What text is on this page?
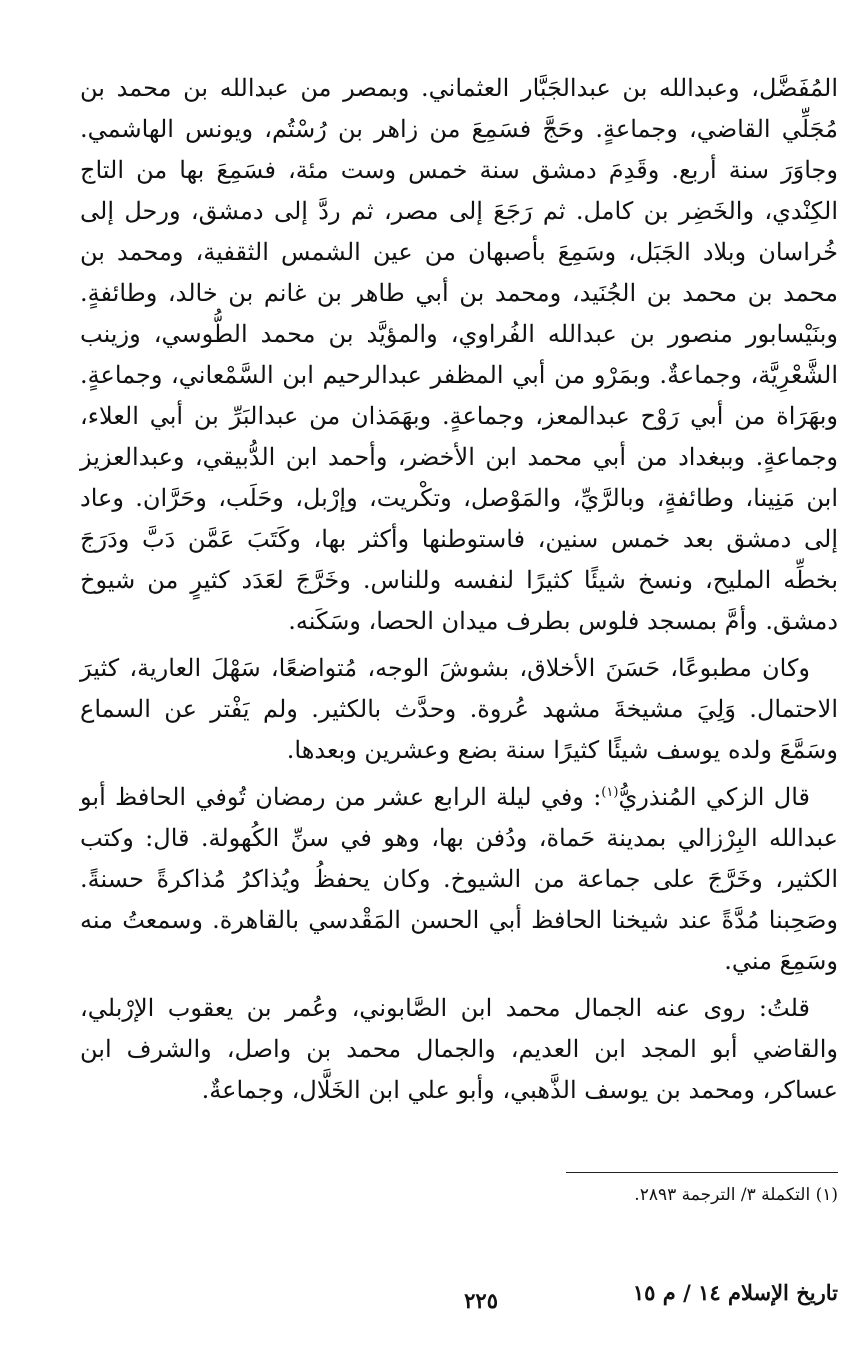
المُفَضَّل، وعبدالله بن عبدالجَبَّار العثماني. وبمصر من عبدالله بن محمد بن مُجَلِّي القاضي، وجماعةٍ. وحَجَّ فسَمِعَ من زاهر بن رُسْتُم، ويونس الهاشمي. وجاوَرَ سنة أربع. وقَدِمَ دمشق سنة خمس وست مئة، فسَمِعَ بها من التاج الكِنْدي، والخَضِر بن كامل. ثم رَجَعَ إلى مصر، ثم ردَّ إلى دمشق، ورحل إلى خُراسان وبلاد الجَبَل، وسَمِعَ بأصبهان من عين الشمس الثقفية، ومحمد بن محمد بن محمد بن الجُنَيد، ومحمد بن أبي طاهر بن غانم بن خالد، وطائفةٍ. وبنَيْسابور منصور بن عبدالله الفُراوي، والمؤيَّد بن محمد الطُّوسي، وزينب الشَّعْرِيَّة، وجماعةٌ. وبمَرْو من أبي المظفر عبدالرحيم ابن السَّمْعاني، وجماعةٍ. وبهَرَاة من أبي رَوْح عبدالمعز، وجماعةٍ. وبهَمَذان من عبدالبَرِّ بن أبي العلاء، وجماعةٍ. وببغداد من أبي محمد ابن الأخضر، وأحمد ابن الدُّبيقي، وعبدالعزيز ابن مَنِينا، وطائفةٍ، وبالرَّيِّ، والمَوْصل، وتكْريت، وإرْبل، وحَلَب، وحَرَّان. وعاد إلى دمشق بعد خمس سنين، فاستوطنها وأكثر بها، وكَتَبَ عَمَّن دَبَّ ودَرَجَ بخطِّه المليح، ونسخ شيئًا كثيرًا لنفسه وللناس. وخَرَّجَ لعَدَد كثيرٍ من شيوخ دمشق. وأمَّ بمسجد فلوس بطرف ميدان الحصا، وسَكَنه.

وكان مطبوعًا، حَسَنَ الأخلاق، بشوشَ الوجه، مُتواضعًا، سَهْلَ العارية، كثيرَ الاحتمال. وَلِيَ مشيخةَ مشهد عُروة. وحدَّث بالكثير. ولم يَفْتر عن السماع وسَمَّعَ ولده يوسف شيئًا كثيرًا سنة بضع وعشرين وبعدها.

قال الزكي المُنذريُّ$^{(١)}$: وفي ليلة الرابع عشر من رمضان تُوفي الحافظ أبو عبدالله البِرْزالي بمدينة حَماة، ودُفن بها، وهو في سنِّ الكُهولة. قال: وكتب الكثير، وخَرَّجَ على جماعة من الشيوخ. وكان يحفظُ ويُذاكرُ مُذاكرةً حسنةً. وصَحِبنا مُدَّةً عند شيخنا الحافظ أبي الحسن المَقْدسي بالقاهرة. وسمعتُ منه وسَمِعَ مني.

قلتُ: روى عنه الجمال محمد ابن الصَّابوني، وعُمر بن يعقوب الإرْبلي، والقاضي أبو المجد ابن العديم، والجمال محمد بن واصل، والشرف ابن عساكر، ومحمد بن يوسف الذَّهبي، وأبو علي ابن الخَلَّال، وجماعةٌ.

(١) التكملة ٣/ الترجمة ٢٨٩٣.
تاريخ الإسلام ١٤ / م ١٥
٢٢٥
